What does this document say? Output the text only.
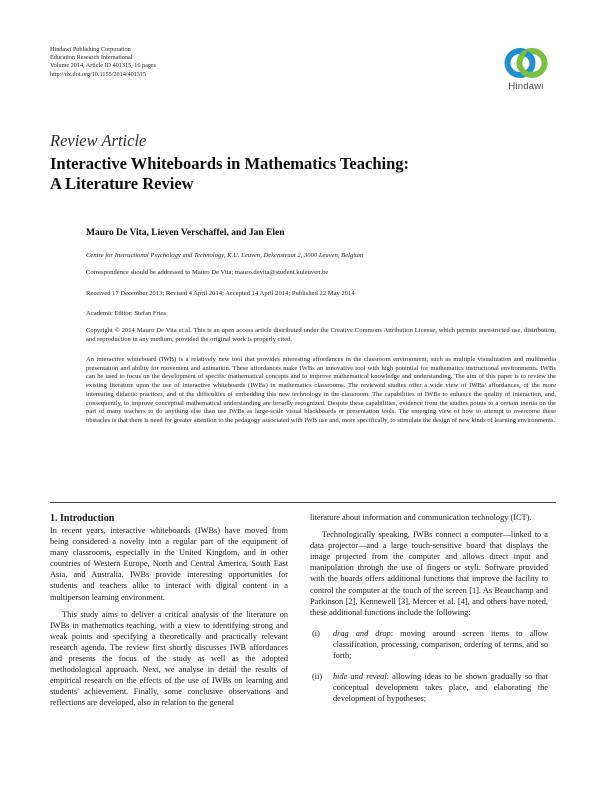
Hindawi Publishing Corporation
Education Research International
Volume 2014, Article ID 401315, 16 pages
http://dx.doi.org/10.1155/2014/401315
Hindawi
Review Article
Interactive Whiteboards in Mathematics Teaching:
A Literature Review
Mauro De Vita, Lieven Verschaffel, and Jan Elen
Centre for Instructional Psychology and Technology, K.U. Leuven, Dekenstraat 2, 3000 Leuven, Belgium
Correspondence should be addressed to Mauro De Vita; mauro.devita@student.kuleuven.be
Received 17 December 2013; Revised 4 April 2014; Accepted 14 April 2014; Published 22 May 2014
Academic Editor: Stefan Fries
Copyright © 2014 Mauro De Vita et al. This is an open access article distributed under the Creative Commons Attribution License, which permits unrestricted use, distribution, and reproduction in any medium, provided the original work is properly cited.
An interactive whiteboard (IWB) is a relatively new tool that provides interesting affordances in the classroom environment, such as multiple visualization and multimedia presentation and ability for movement and animation. These affordances make IWBs an innovative tool with high potential for mathematics instructional environments. IWBs can be used to focus on the development of specific mathematical concepts and to improve mathematical knowledge and understanding. The aim of this paper is to review the existing literature upon the use of interactive whiteboards (IWBs) in mathematics classrooms. The reviewed studies offer a wide view of IWBs' affordances, of the more interesting didactic practices, and of the difficulties of embedding this new technology in the classroom. The capabilities of IWBs to enhance the quality of interaction, and, consequently, to improve conceptual mathematical understanding are broadly recognized. Despite these capabilities, evidence from the studies points to a certain inertia on the part of many teachers to do anything else than use IWBs as large-scale visual blackboards or presentation tools. The emerging view of how to attempt to overcome these obstacles is that there is need for greater attention to the pedagogy associated with IWB use and, more specifically, to stimulate the design of new kinds of learning environments.

1. Introduction

In recent years, interactive whiteboards (IWBs) have moved from being considered a novelty into a regular part of the equipment of many classrooms, especially in the United Kingdom, and in other countries of Western Europe, North and Central America, South East Asia, and Australia. IWBs provide interesting opportunities for students and teachers alike to interact with digital content in a multiperson learning environment.

This study aims to deliver a critical analysis of the literature on IWBs in mathematics teaching, with a view to identifying strong and weak points and specifying a theoretically and practically relevant research agenda. The review first shortly discusses IWB affordances and presents the focus of the study as well as the adopted methodological approach. Next, we analyse in detail the results of empirical research on the effects of the use of IWBs on learning and students' achievement. Finally, some conclusive observations and reflections are developed, also in relation to the general

literature about information and communication technology (ICT).

Technologically speaking, IWBs connect a computer—linked to a data projector—and a large touch-sensitive board that displays the image projected from the computer and allows direct input and manipulation through the use of fingers or styli. Software provided with the boards offers additional functions that improve the facility to control the computer at the touch of the screen [1]. As Beauchamp and Parkinson [2], Kennewell [3], Mercer et al. [4], and others have noted, these additional functions include the following:

(i) drag and drop: moving around screen items to allow classification, processing, comparison, ordering of terms, and so forth;
(ii) hide and reveal: allowing ideas to be shown gradually so that conceptual development takes place, and elaborating the development of hypotheses;
